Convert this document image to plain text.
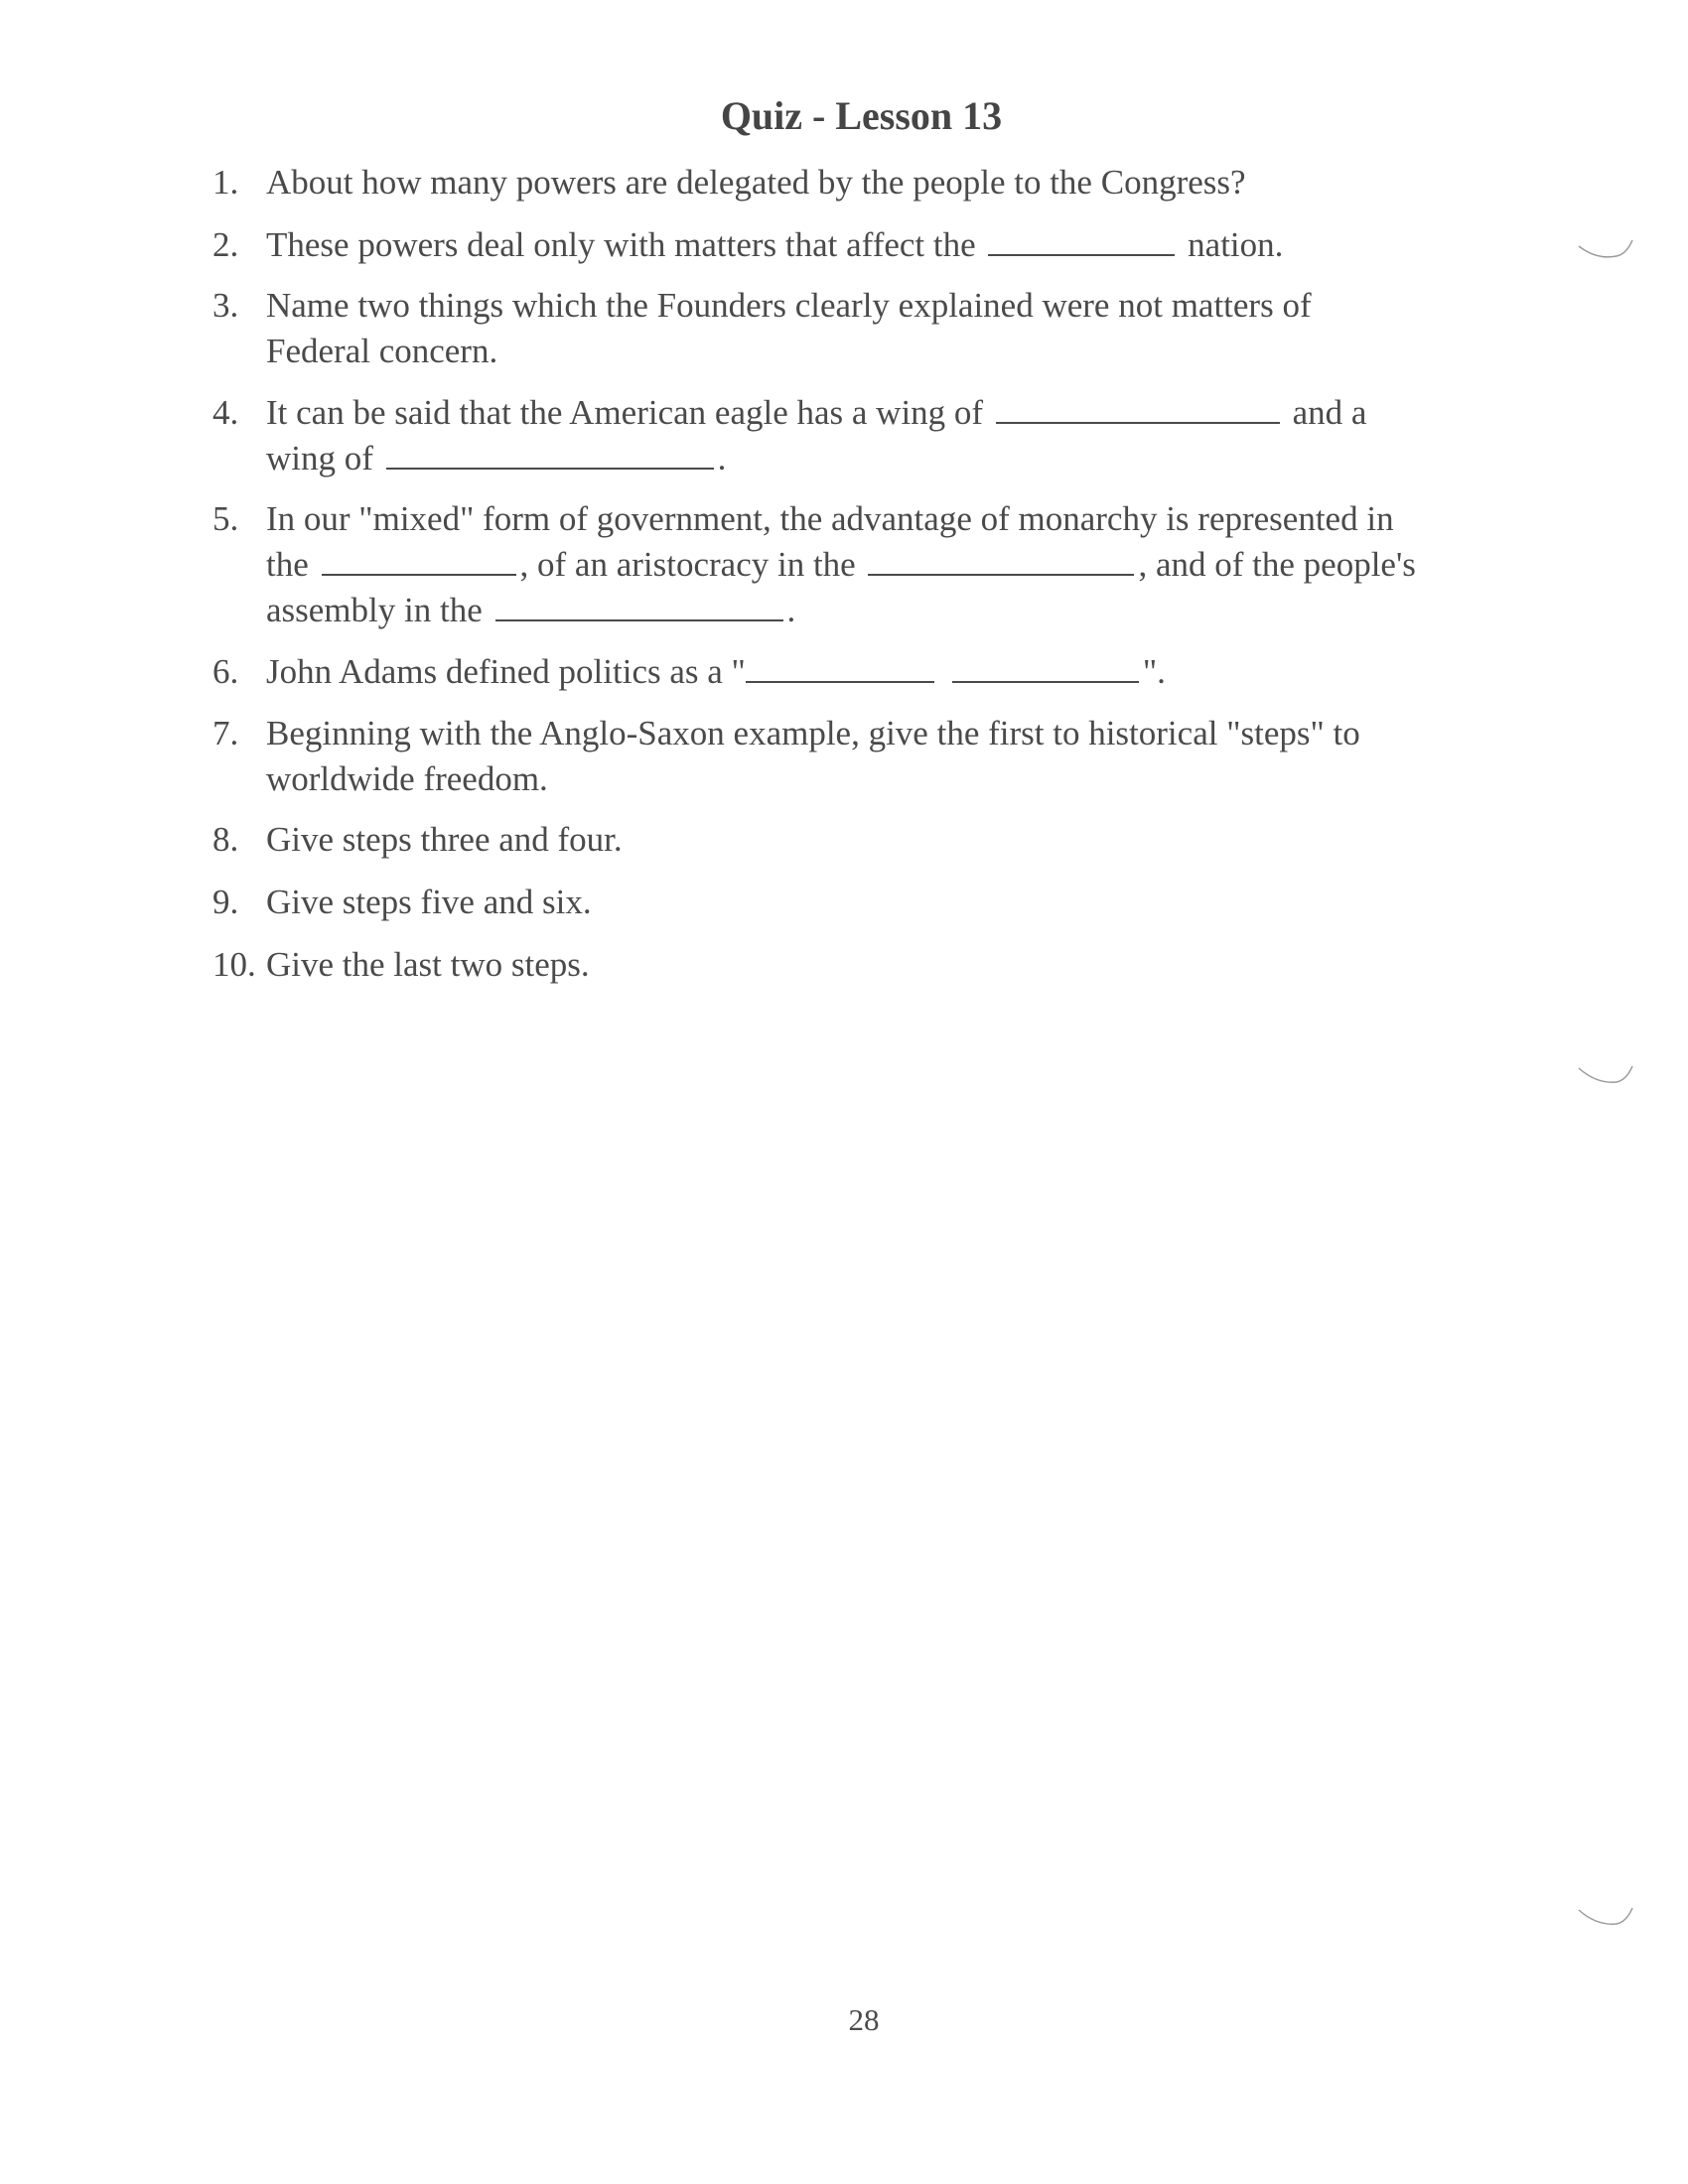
Quiz - Lesson 13
1. About how many powers are delegated by the people to the Congress?
2. These powers deal only with matters that affect the	nation.
3. Name two things which the Founders clearly explained were not matters of
Federal concern.
4. It can be said that the American eagle has a wing of	and a
wing of	.
5. In our "mixed" form of government, the advantage of monarchy is represented in
the	, of an aristocracy in the	, and of the people's
assembly in the	.
6. John Adams defined politics as a "	".
7. Beginning with the Anglo-Saxon example, give the first to historical "steps" to
worldwide freedom.
8. Give steps three and four.
9. Give steps five and six.
10. Give the last two steps.
28
